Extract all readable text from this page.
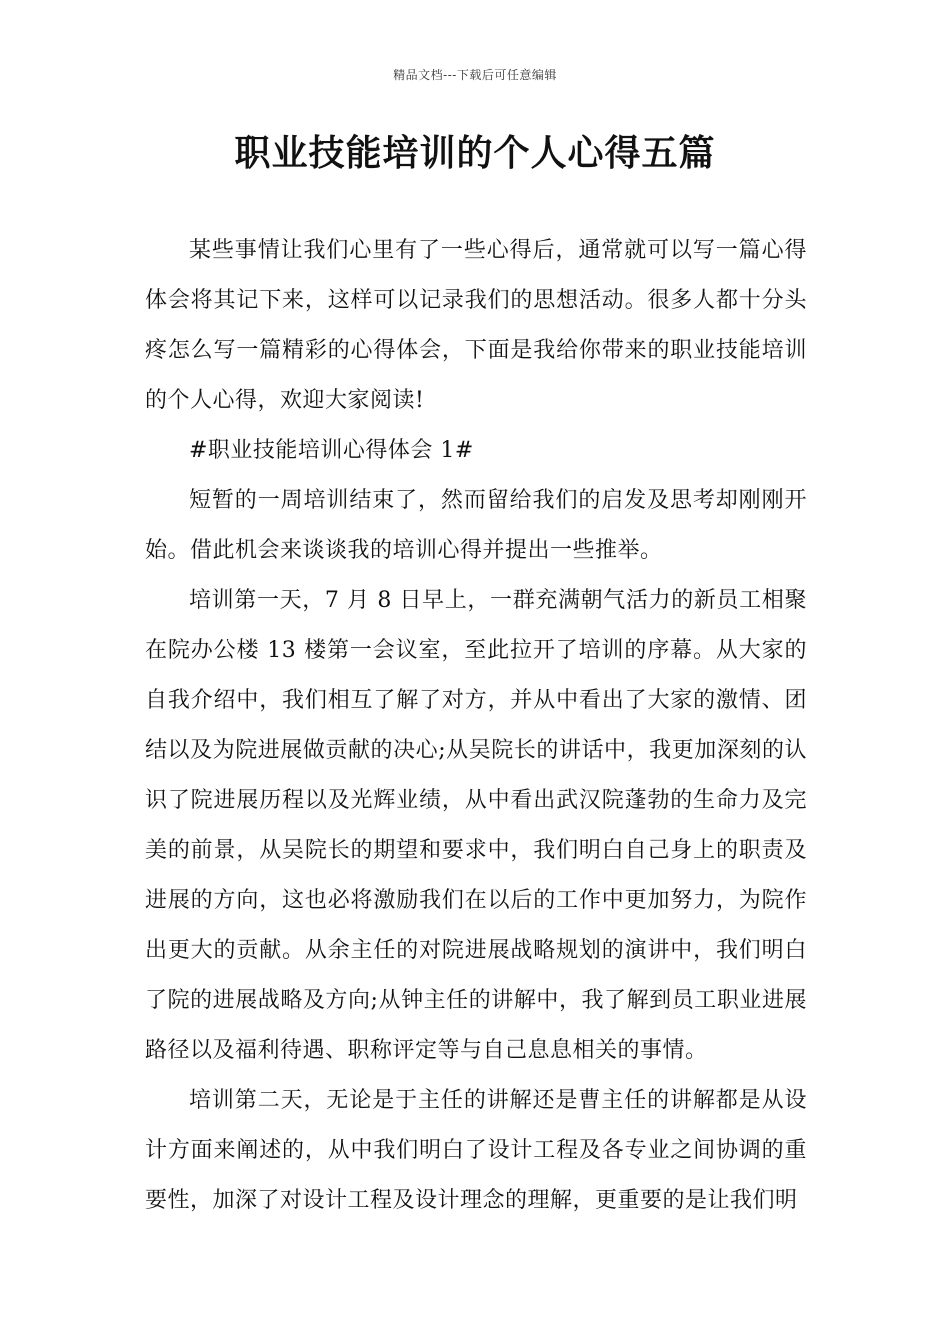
精品文档---下载后可任意编辑
职业技能培训的个人心得五篇

某些事情让我们心里有了一些心得后，通常就可以写一篇心得体会将其记下来，这样可以记录我们的思想活动。很多人都十分头疼怎么写一篇精彩的心得体会，下面是我给你带来的职业技能培训的个人心得，欢迎大家阅读!

#职业技能培训心得体会 1#

短暂的一周培训结束了，然而留给我们的启发及思考却刚刚开始。借此机会来谈谈我的培训心得并提出一些推举。

培训第一天，7 月 8 日早上，一群充满朝气活力的新员工相聚在院办公楼 13 楼第一会议室，至此拉开了培训的序幕。从大家的自我介绍中，我们相互了解了对方，并从中看出了大家的激情、团结以及为院进展做贡献的决心;从吴院长的讲话中，我更加深刻的认识了院进展历程以及光辉业绩，从中看出武汉院蓬勃的生命力及完美的前景，从吴院长的期望和要求中，我们明白自己身上的职责及进展的方向，这也必将激励我们在以后的工作中更加努力，为院作出更大的贡献。从余主任的对院进展战略规划的演讲中，我们明白了院的进展战略及方向;从钟主任的讲解中，我了解到员工职业进展路径以及福利待遇、职称评定等与自己息息相关的事情。

培训第二天，无论是于主任的讲解还是曹主任的讲解都是从设计方面来阐述的，从中我们明白了设计工程及各专业之间协调的重要性，加深了对设计工程及设计理念的理解，更重要的是让我们明
